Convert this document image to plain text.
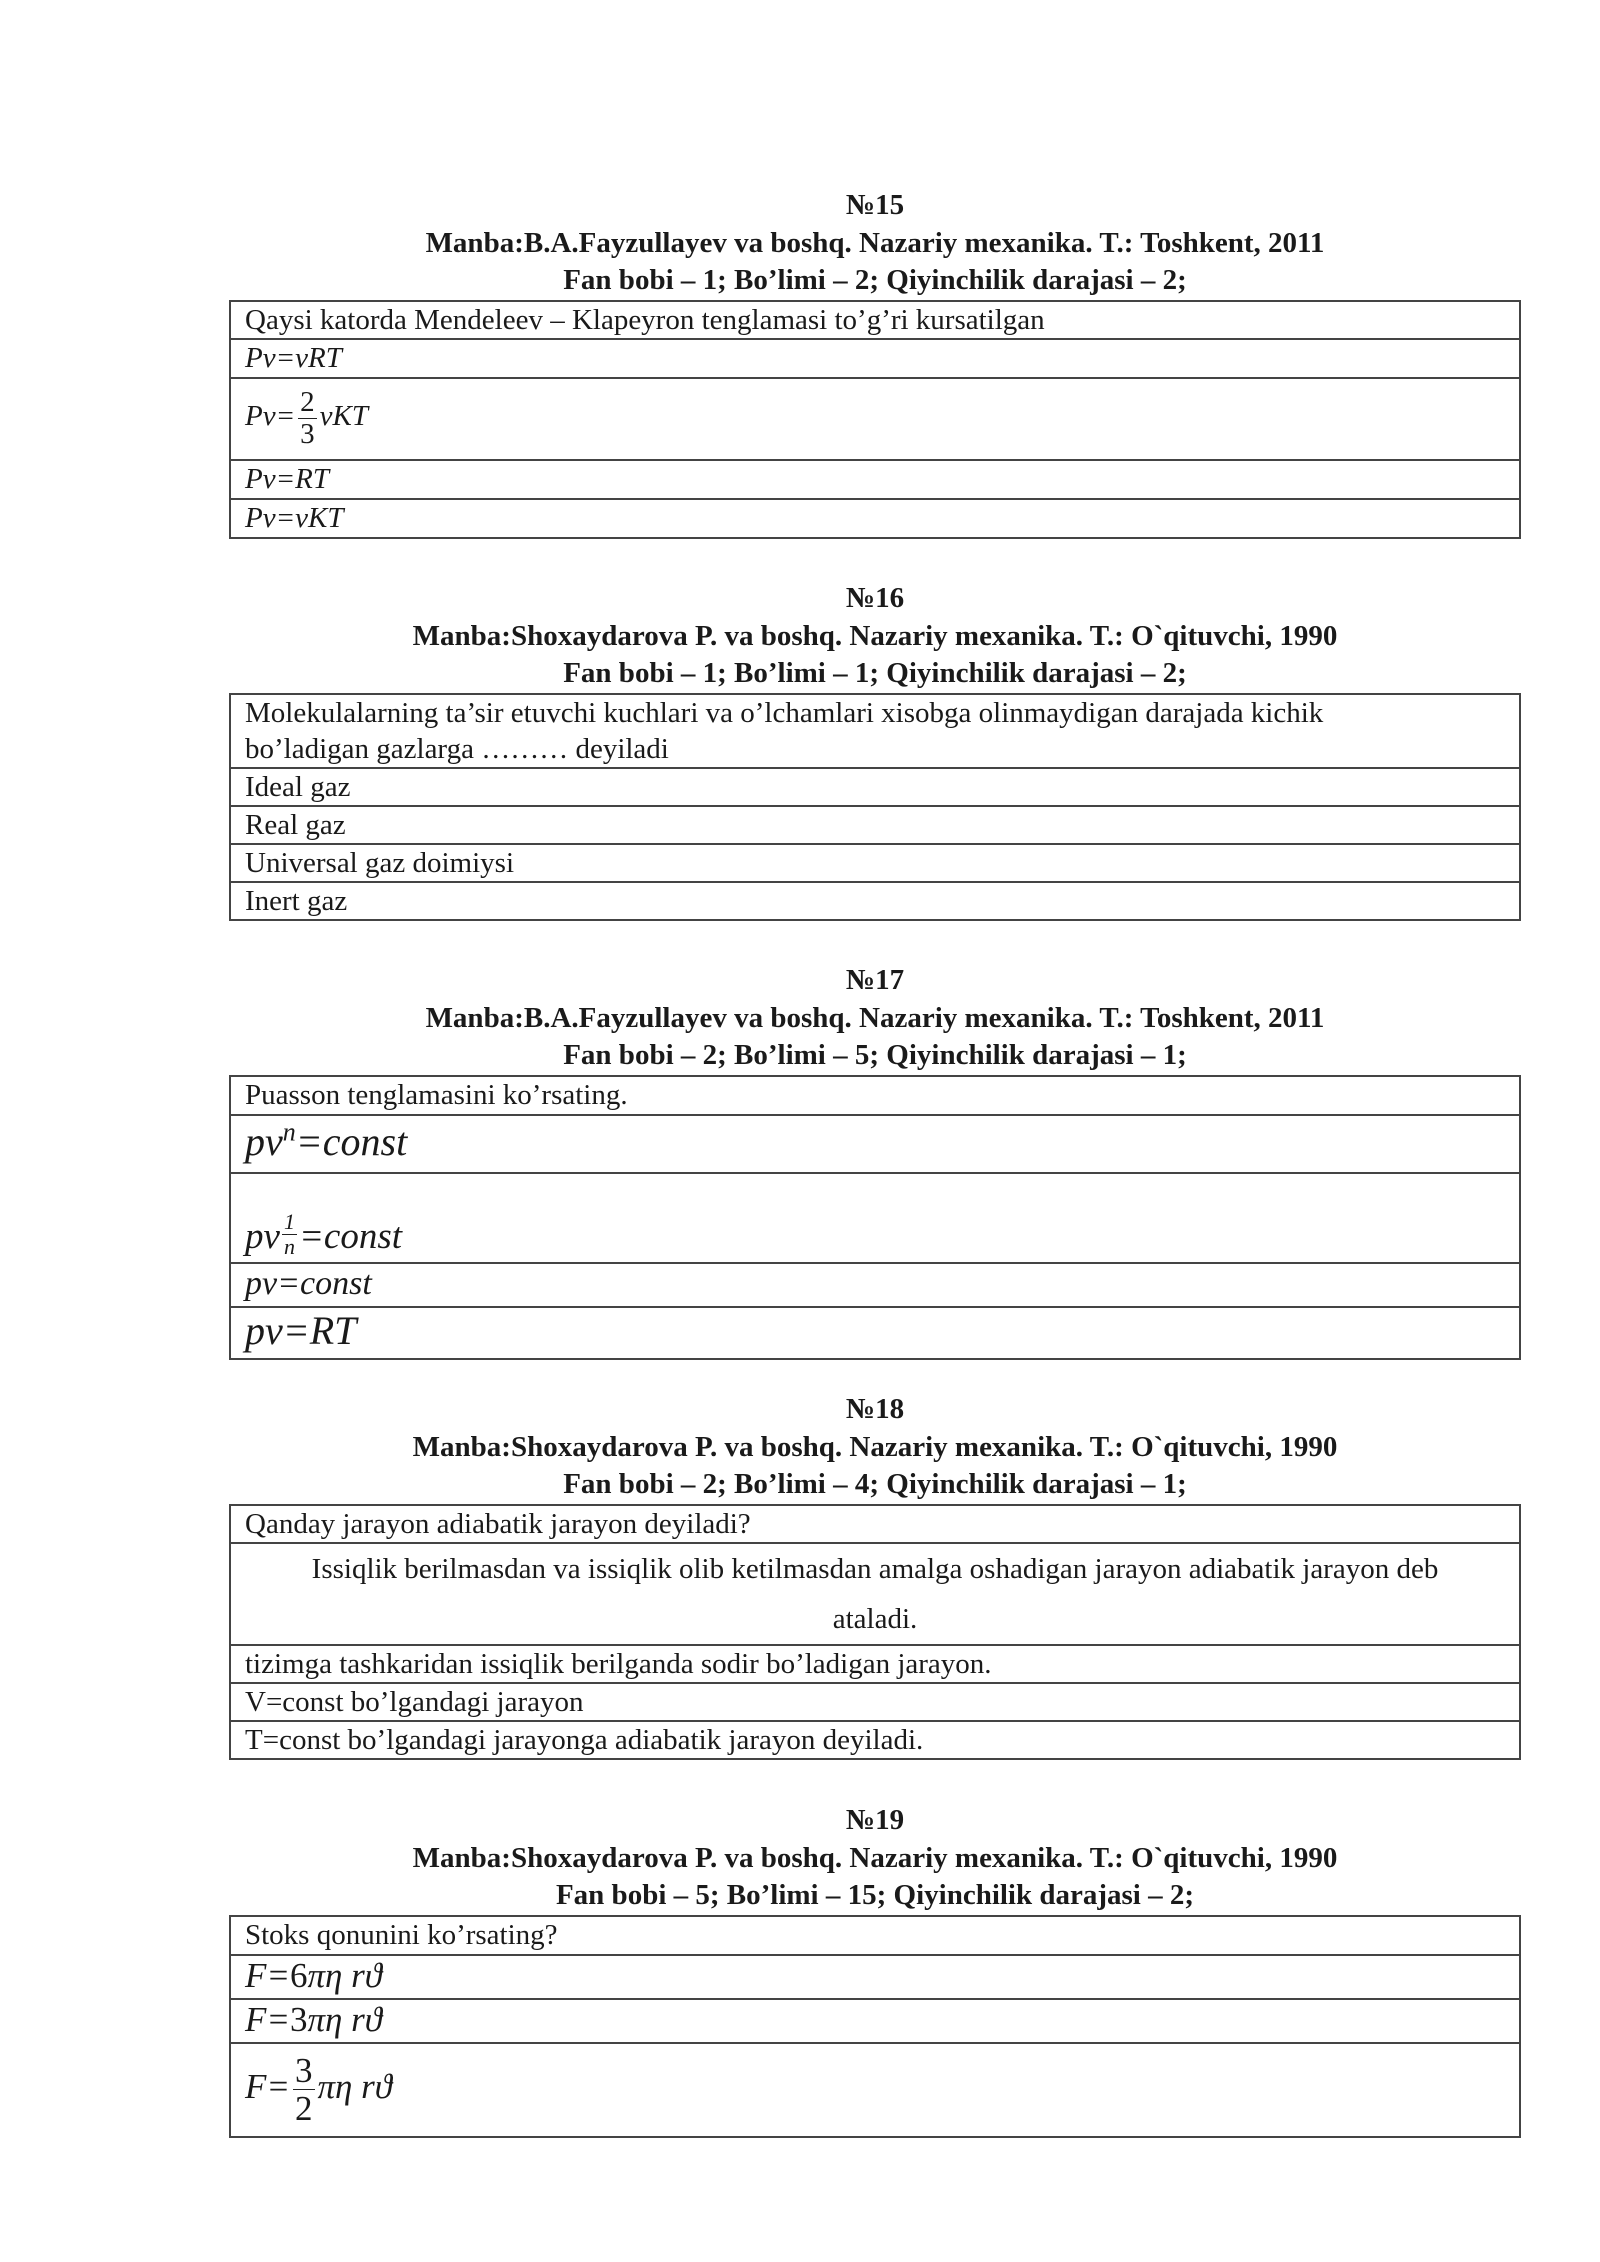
№15
Manba:B.A.Fayzullayev va boshq. Nazariy mexanika. T.: Toshkent, 2011
Fan bobi – 1; Bo’limi – 2; Qiyinchilik darajasi – 2;
Qaysi katorda Mendeleev – Klapeyron tenglamasi to’g’ri kursatilgan
Pv=vRT
$Pv= \frac{2}{3}$ vKT
Pv=RT
Pv=vKT
№16
Manba:Shoxaydarova P. va boshq. Nazariy mexanika. T.: O`qituvchi, 1990
Fan bobi – 1; Bo’limi – 1; Qiyinchilik darajasi – 2;
Molekulalarning ta’sir etuvchi kuchlari va o’lchamlari xisobga olinmaydigan darajada kichik
bo’ladigan gazlarga ……… deyiladi

Ideal gaz
Real gaz
Universal gaz doimiysi
Inert gaz
№17
Manba:B.A.Fayzullayev va boshq. Nazariy mexanika. T.: Toshkent, 2011
Fan bobi – 2; Bo’limi – 5; Qiyinchilik darajasi – 1;
Puasson tenglamasini ko’rsating.
$pv^n=const$
pv $\frac{1}{n}$ =const
pv=const
pv=RT
№18
Manba:Shoxaydarova P. va boshq. Nazariy mexanika. T.: O`qituvchi, 1990
Fan bobi – 2; Bo’limi – 4; Qiyinchilik darajasi – 1;
Qanday jarayon adiabatik jarayon deyiladi?

Issiqlik berilmasdan va issiqlik olib ketilmasdan amalga oshadigan jarayon adiabatik jarayon deb
ataladi.

tizimga tashkaridan issiqlik berilganda sodir bo’ladigan jarayon.
V=const bo’lgandagi jarayon
T=const bo’lgandagi jarayonga adiabatik jarayon deyiladi.
№19
Manba:Shoxaydarova P. va boshq. Nazariy mexanika. T.: O`qituvchi, 1990
Fan bobi – 5; Bo’limi – 15; Qiyinchilik darajasi – 2;
Stoks qonunini ko’rsating?
F=6πη rϑ
F=3πη rϑ
$F= \frac{3}{2}$ πη rϑ
